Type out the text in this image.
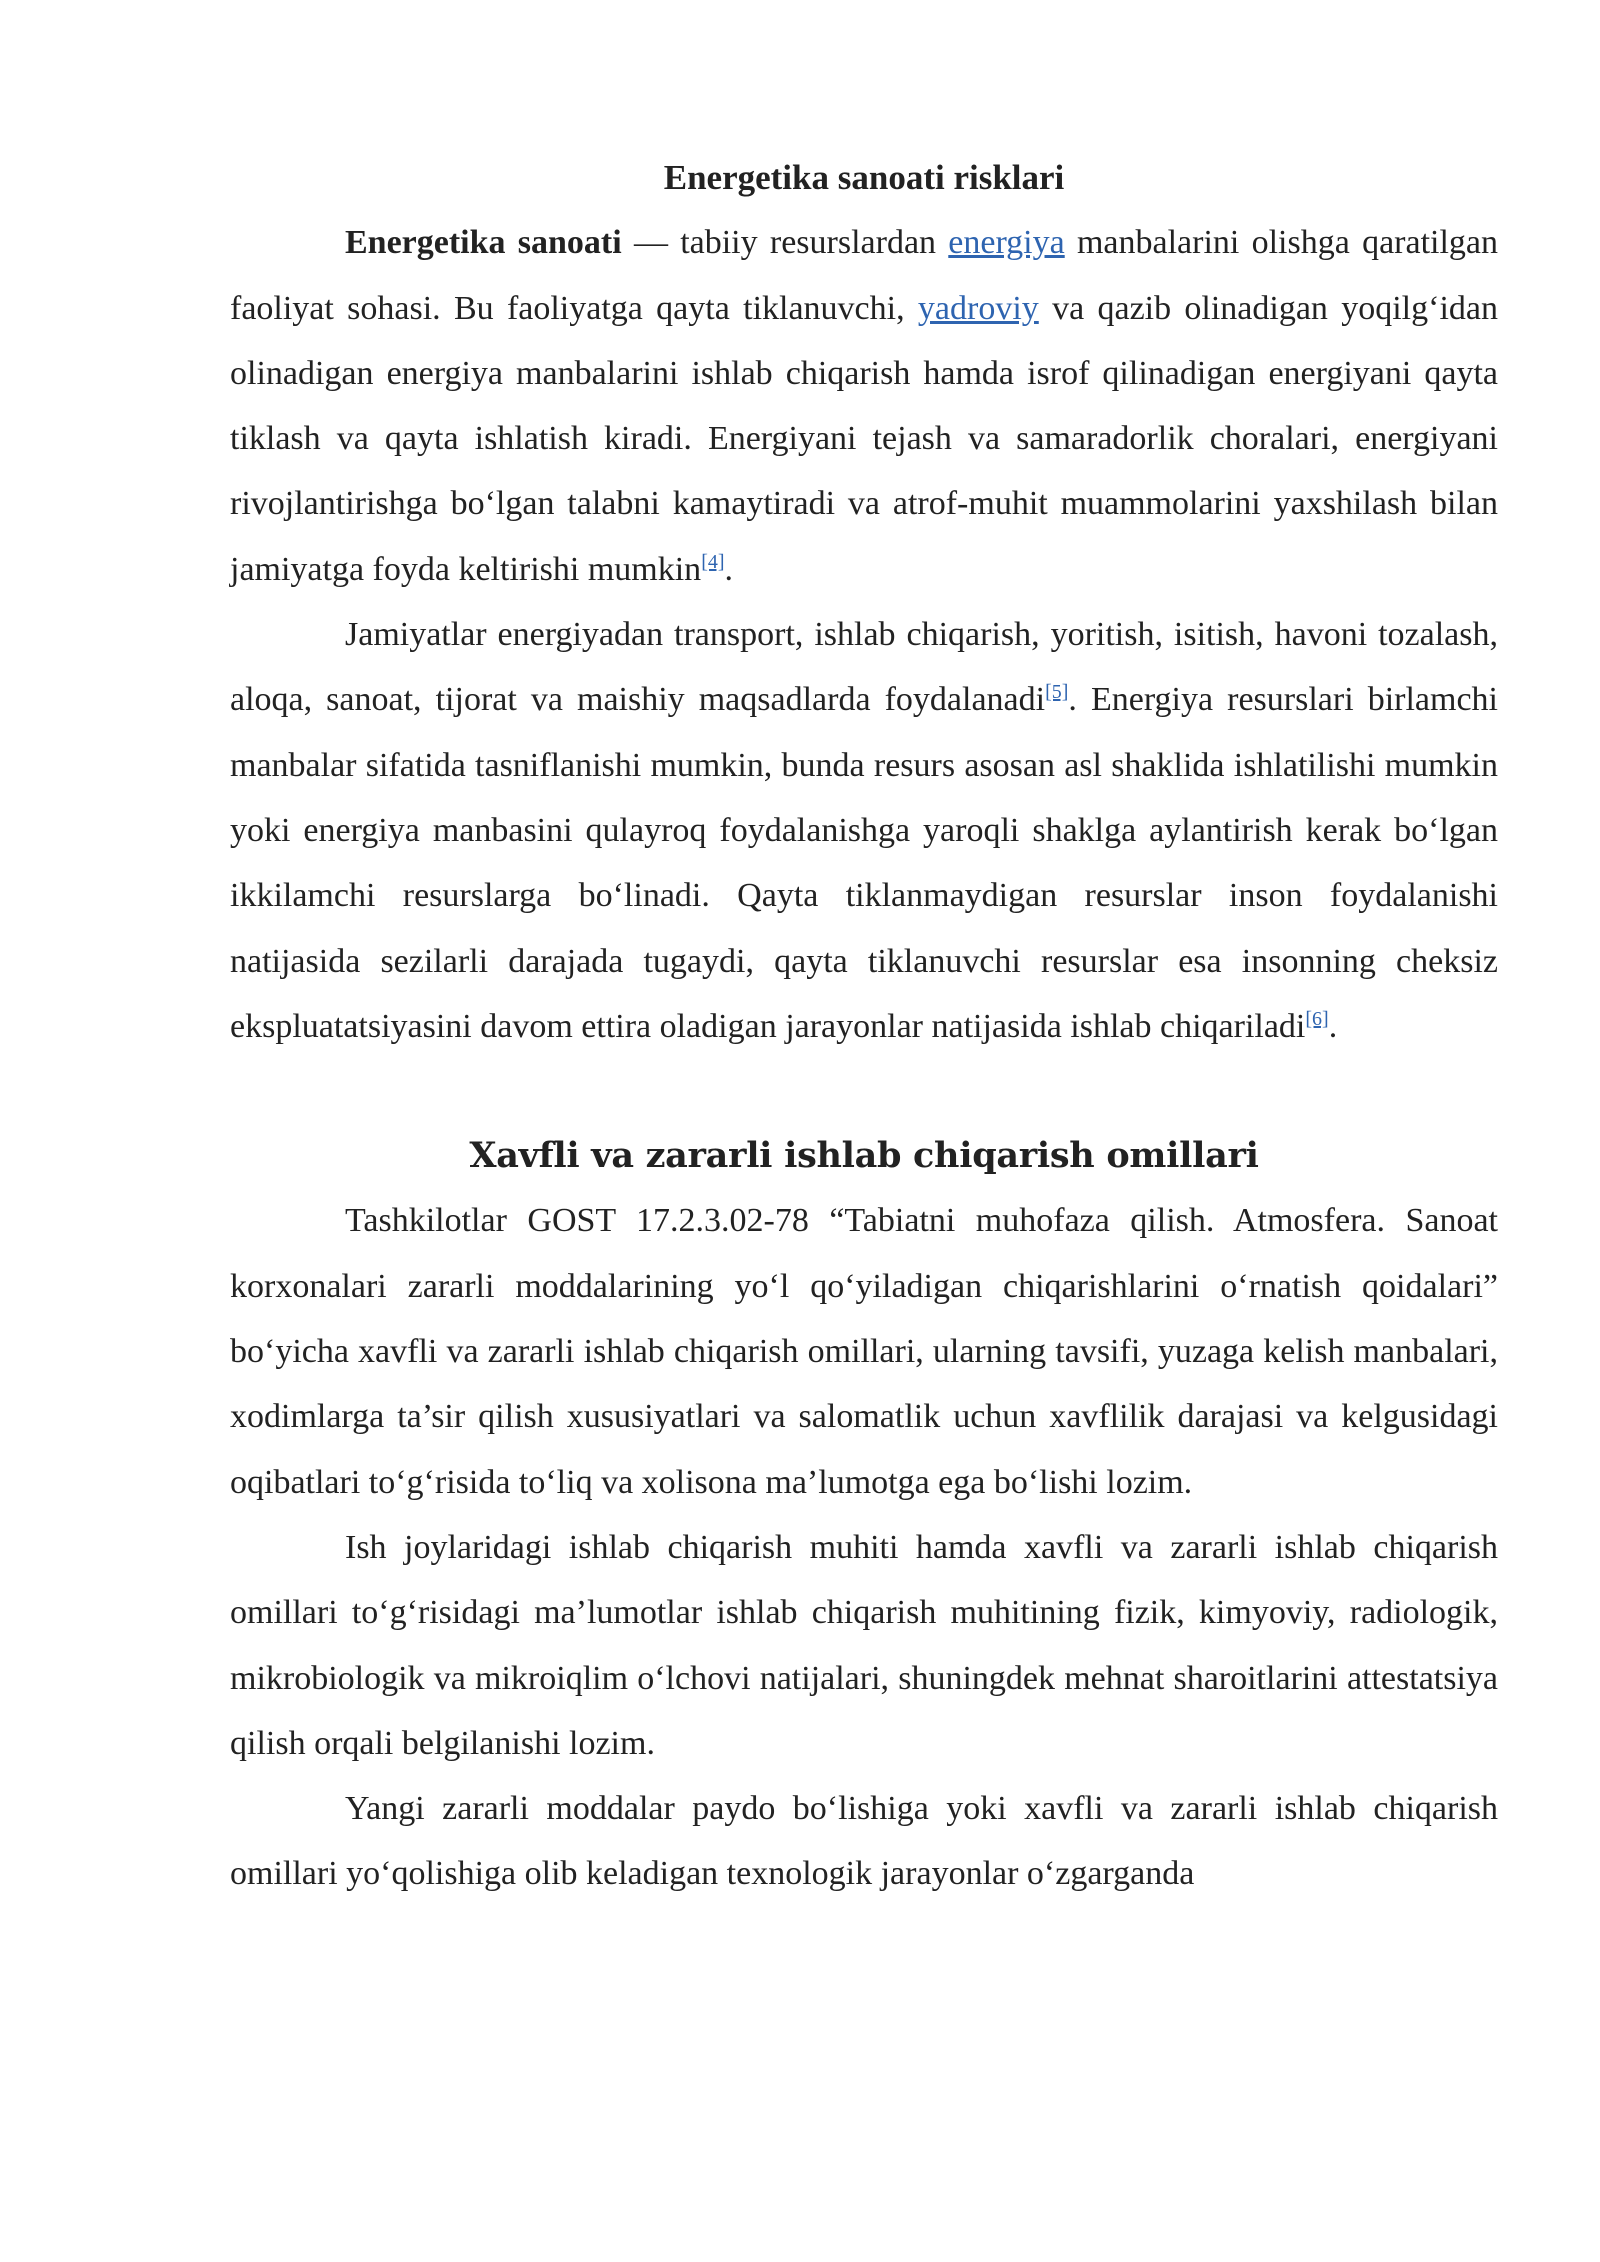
Energetika sanoati risklari

Energetika sanoati — tabiiy resurslardan energiya manbalarini olishga qaratilgan faoliyat sohasi. Bu faoliyatga qayta tiklanuvchi, yadroviy va qazib olinadigan yoqilg‘idan olinadigan energiya manbalarini ishlab chiqarish hamda isrof qilinadigan energiyani qayta tiklash va qayta ishlatish kiradi. Energiyani tejash va samaradorlik choralari, energiyani rivojlantirishga bo‘lgan talabni kamaytiradi va atrof-muhit muammolarini yaxshilash bilan jamiyatga foyda keltirishi mumkin[4].

Jamiyatlar energiyadan transport, ishlab chiqarish, yoritish, isitish, havoni tozalash, aloqa, sanoat, tijorat va maishiy maqsadlarda foydalanadi[5]. Energiya resurslari birlamchi manbalar sifatida tasniflanishi mumkin, bunda resurs asosan asl shaklida ishlatilishi mumkin yoki energiya manbasini qulayroq foydalanishga yaroqli shaklga aylantirish kerak bo‘lgan ikkilamchi resurslarga bo‘linadi. Qayta tiklanmaydigan resurslar inson foydalanishi natijasida sezilarli darajada tugaydi, qayta tiklanuvchi resurslar esa insonning cheksiz ekspluatatsiyasini davom ettira oladigan jarayonlar natijasida ishlab chiqariladi[6].

Xavfli va zararli ishlab chiqarish omillari

Tashkilotlar GOST 17.2.3.02-78 “Tabiatni muhofaza qilish. Atmosfera. Sanoat korxonalari zararli moddalarining yo‘l qo‘yiladigan chiqarishlarini o‘rnatish qoidalari” bo‘yicha xavfli va zararli ishlab chiqarish omillari, ularning tavsifi, yuzaga kelish manbalari, xodimlarga ta’sir qilish xususiyatlari va salomatlik uchun xavflilik darajasi va kelgusidagi oqibatlari to‘g‘risida to‘liq va xolisona ma’lumotga ega bo‘lishi lozim.

Ish joylaridagi ishlab chiqarish muhiti hamda xavfli va zararli ishlab chiqarish omillari to‘g‘risidagi ma’lumotlar ishlab chiqarish muhitining fizik, kimyoviy, radiologik, mikrobiologik va mikroiqlim o‘lchovi natijalari, shuningdek mehnat sharoitlarini attestatsiya qilish orqali belgilanishi lozim.

Yangi zararli moddalar paydo bo‘lishiga yoki xavfli va zararli ishlab chiqarish omillari yo‘qolishiga olib keladigan texnologik jarayonlar o‘zgarganda
